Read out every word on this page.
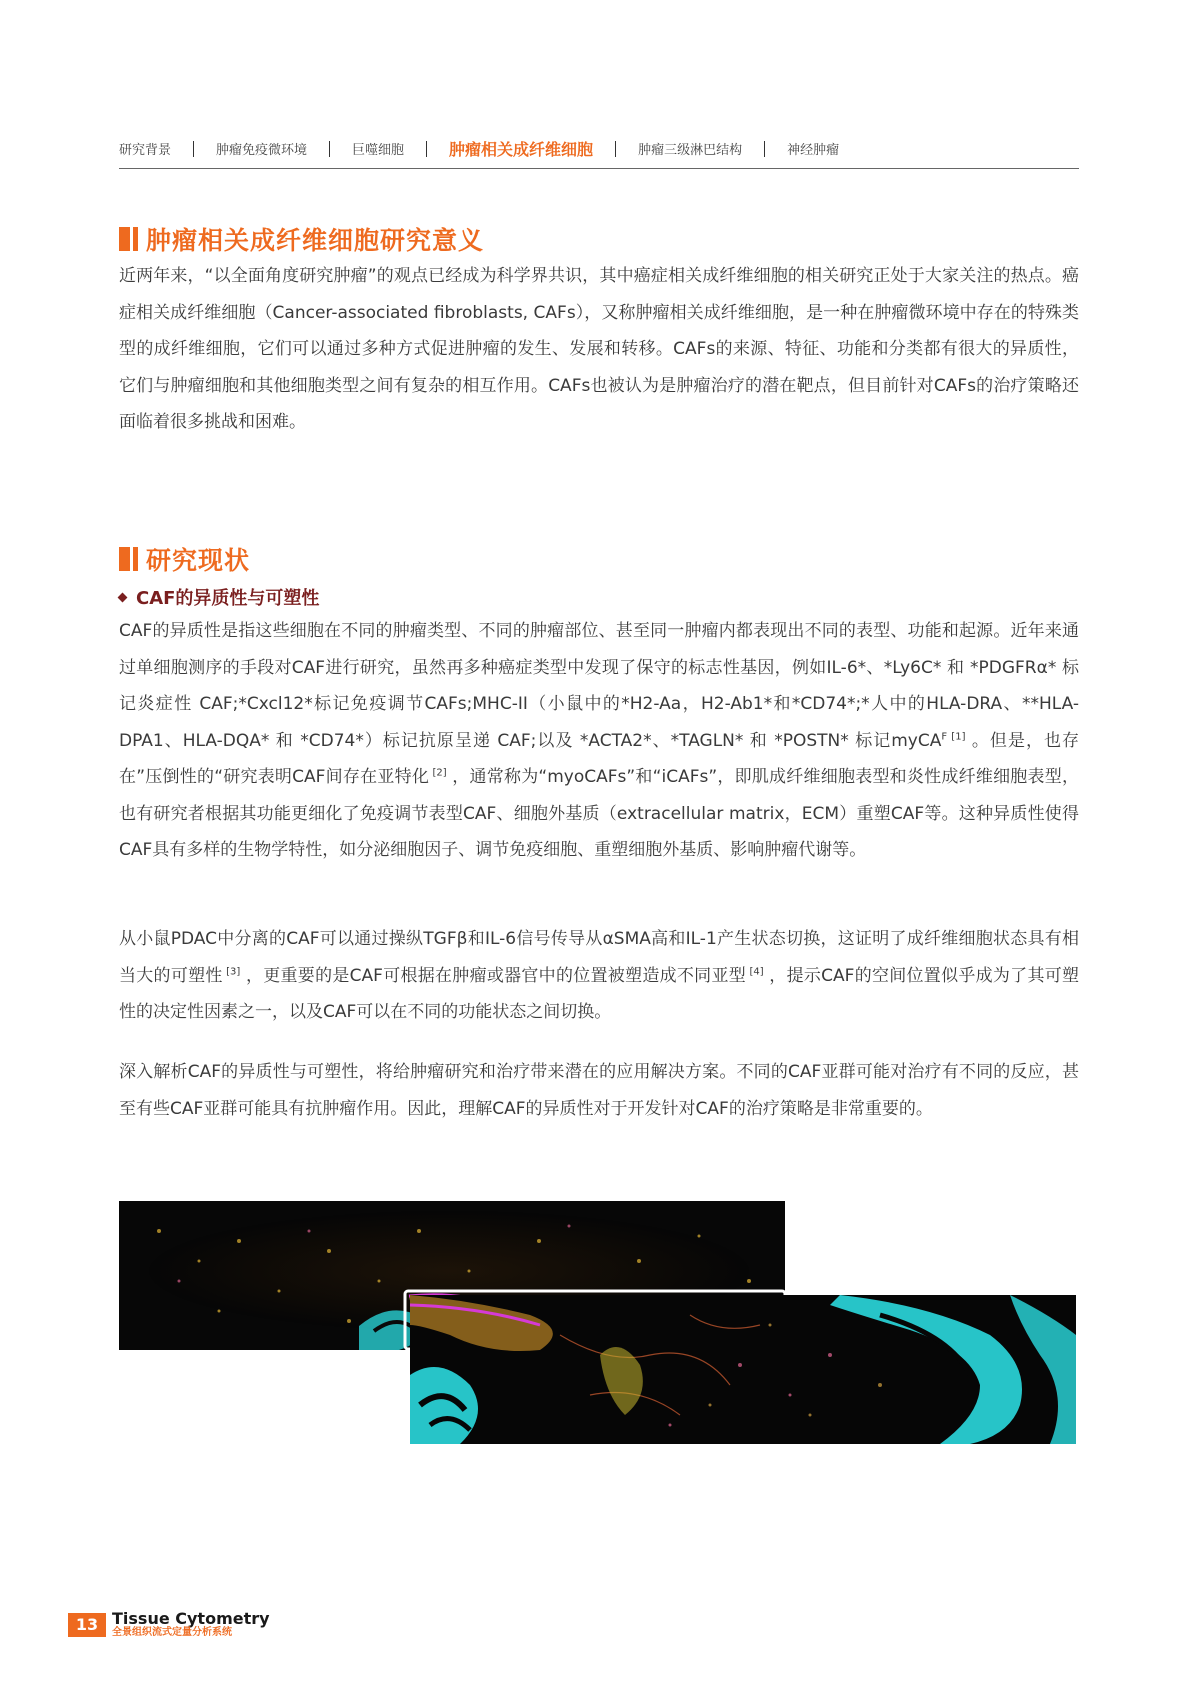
研究背景	肿瘤免疫微环境	巨噬细胞	肿瘤相关成纤维细胞	肿瘤三级淋巴结构	神经肿瘤
肿瘤相关成纤维细胞研究意义

近两年来，“以全面角度研究肿瘤”的观点已经成为科学界共识，其中癌症相关成纤维细胞的相关研究正处于大家关注的热点。癌症相关成纤维细胞（Cancer-associated fibroblasts, CAFs），又称肿瘤相关成纤维细胞，是一种在肿瘤微环境中存在的特殊类型的成纤维细胞，它们可以通过多种方式促进肿瘤的发生、发展和转移。CAFs的来源、特征、功能和分类都有很大的异质性，它们与肿瘤细胞和其他细胞类型之间有复杂的相互作用。CAFs也被认为是肿瘤治疗的潜在靶点，但目前针对CAFs的治疗策略还面临着很多挑战和困难。

研究现状
CAF的异质性与可塑性

CAF的异质性是指这些细胞在不同的肿瘤类型、不同的肿瘤部位、甚至同一肿瘤内都表现出不同的表型、功能和起源。近年来通过单细胞测序的手段对CAF进行研究，虽然再多种癌症类型中发现了保守的标志性基因，例如IL-6*、*Ly6C* 和 *PDGFRα* 标记炎症性 CAF;*Cxcl12*标记免疫调节CAFs;MHC-II（小鼠中的*H2-Aa，H2-Ab1*和*CD74*;*人中的HLA-DRA、**HLA-DPA1、HLA-DQA* 和 *CD74*）标记抗原呈递 CAF;以及 *ACTA2*、*TAGLN* 和 *POSTN* 标记myCA$^{F [1]}$ 。但是，也存在”压倒性的“研究表明CAF间存在亚特化 [2] ，通常称为“myoCAFs”和“iCAFs”，即肌成纤维细胞表型和炎性成纤维细胞表型，也有研究者根据其功能更细化了免疫调节表型CAF、细胞外基质（extracellular matrix，ECM）重塑CAF等。这种异质性使得CAF具有多样的生物学特性，如分泌细胞因子、调节免疫细胞、重塑细胞外基质、影响肿瘤代谢等。

从小鼠PDAC中分离的CAF可以通过操纵TGFβ和IL-6信号传导从αSMA高和IL-1产生状态切换，这证明了成纤维细胞状态具有相当大的可塑性 [3] ，更重要的是CAF可根据在肿瘤或器官中的位置被塑造成不同亚型 [4] ，提示CAF的空间位置似乎成为了其可塑性的决定性因素之一，以及CAF可以在不同的功能状态之间切换。

深入解析CAF的异质性与可塑性，将给肿瘤研究和治疗带来潜在的应用解决方案。不同的CAF亚群可能对治疗有不同的反应，甚至有些CAF亚群可能具有抗肿瘤作用。因此，理解CAF的异质性对于开发针对CAF的治疗策略是非常重要的。

13 Tissue Cytometry
全景组织流式定量分析系统
